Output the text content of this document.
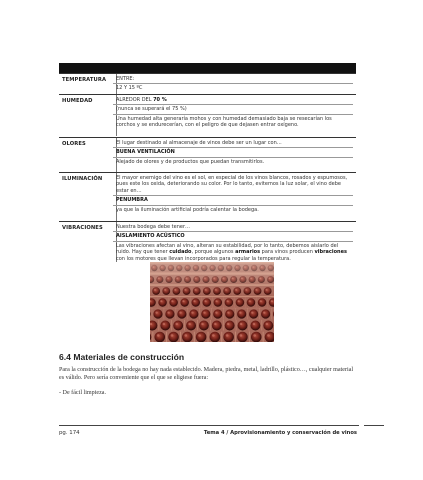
TEMPERATURA	ENTRE:
12 Y 15 ºC
HUMEDAD	ALREDOR DEL 70 %
(nunca se superará el 75 %)
Una humedad alta generaría mohos y con humedad demasiado baja se resecarían los corchos y se endurecerían, con el peligro de que dejasen entrar oxígeno.
OLORES	El lugar destinado al almacenaje de vinos debe ser un lugar con…
BUENA VENTILACIÓN
Alejado de olores y de productos que puedan transmitirlos.
ILUMINACIÓN	El mayor enemigo del vino es el sol, en especial de los vinos blancos, rosados y espumosos, pues este los oxida, deteriorando su color. Por lo tanto, evitemos la luz solar, el vino debe estar en…
PENUMBRA
ya que la iluminación artificial podría calentar la bodega.
VIBRACIONES	Nuestra bodega debe tener…
AISLAMIENTO ACÚSTICO
Las vibraciones afectan al vino, alteran su estabilidad, por lo tanto, debemos aislarlo del ruido. Hay que tener cuidado, porque algunos armarios para vinos producen vibraciones con los motores que llevan incorporados para regular la temperatura.
6.4 Materiales de construcción
Para la construcción de la bodega no hay nada establecido. Madera, piedra, metal, ladrillo, plástico…, cualquier material es válido. Pero sería conveniente que el que se eligiese fuera:
- De fácil limpieza.
pg. 174	Tema 4 / Aprovisionamiento y conservación de vinos
